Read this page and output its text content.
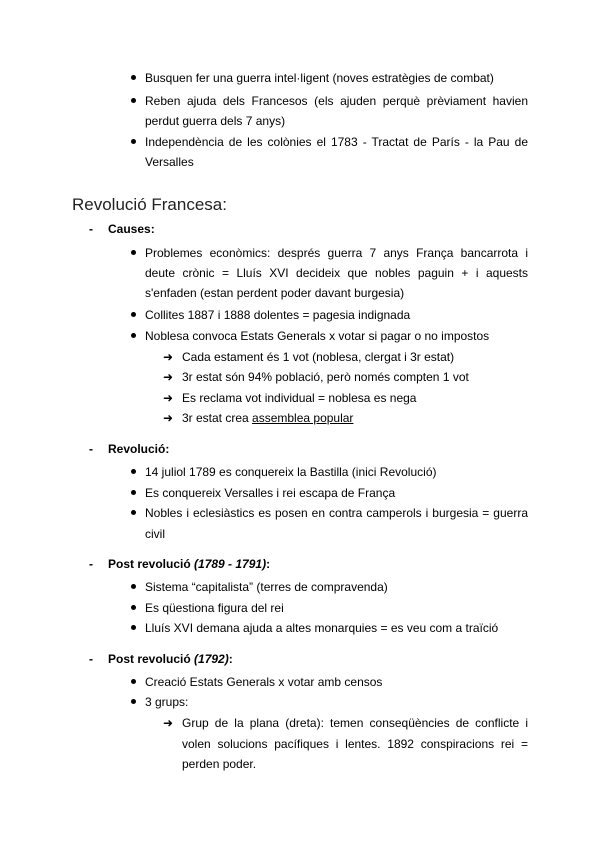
Busquen fer una guerra intel·ligent (noves estratègies de combat)
Reben ajuda dels Francesos (els ajuden perquè prèviament havien
perdut guerra dels 7 anys)
Independència de les colònies el 1783 - Tractat de París - la Pau de
Versalles
Revolució Francesa:
- Causes:
Problemes econòmics: després guerra 7 anys França bancarrota i
deute crònic = Lluís XVI decideix que nobles paguin + i aquests
s'enfaden (estan perdent poder davant burgesia)
Collites 1887 i 1888 dolentes = pagesia indignada
Noblesa convoca Estats Generals x votar si pagar o no impostos
➜ Cada estament és 1 vot (noblesa, clergat i 3r estat)
➜ 3r estat són 94% població, però només compten 1 vot
➜ Es reclama vot individual = noblesa es nega
➜ 3r estat crea assemblea popular
- Revolució:
14 juliol 1789 es conquereix la Bastilla (inici Revolució)
Es conquereix Versalles i rei escapa de França
Nobles i eclesiàstics es posen en contra camperols i burgesia = guerra
civil
- Post revolució (1789 - 1791):
Sistema “capitalista” (terres de compravenda)
Es qüestiona figura del rei
Lluís XVI demana ajuda a altes monarquies = es veu com a traïció
- Post revolució (1792):
Creació Estats Generals x votar amb censos
3 grups:
➜ Grup de la plana (dreta): temen conseqüències de conflicte i
volen solucions pacífiques i lentes. 1892 conspiracions rei =
perden poder.
